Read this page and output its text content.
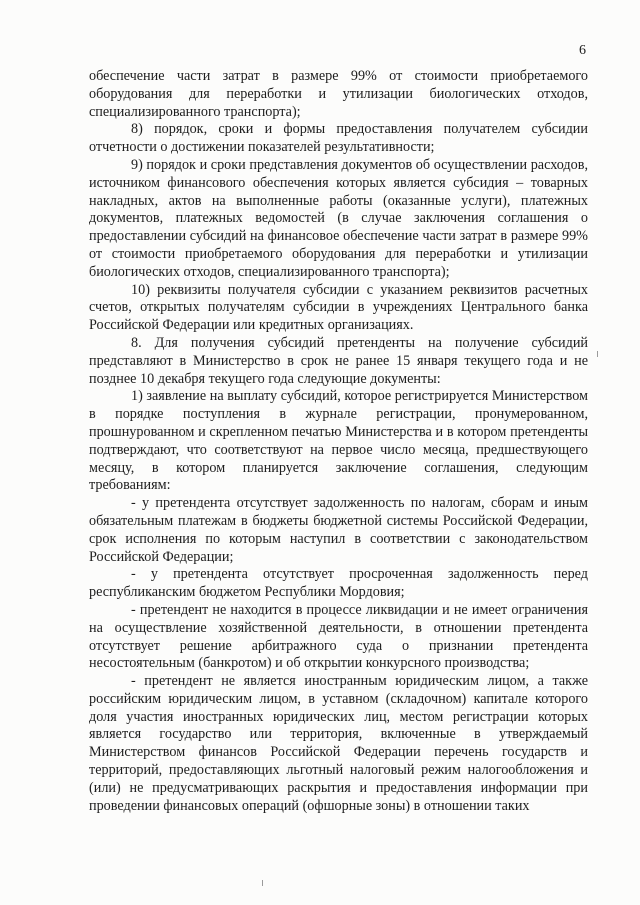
6

обеспечение части затрат в размере 99% от стоимости приобретаемого оборудования для переработки и утилизации биологических отходов, специализированного транспорта);

8) порядок, сроки и формы предоставления получателем субсидии отчетности о достижении показателей результативности;

9) порядок и сроки представления документов об осуществлении расходов, источником финансового обеспечения которых является субсидия – товарных накладных, актов на выполненные работы (оказанные услуги), платежных документов, платежных ведомостей (в случае заключения соглашения о предоставлении субсидий на финансовое обеспечение части затрат в размере 99% от стоимости приобретаемого оборудования для переработки и утилизации биологических отходов, специализированного транспорта);

10) реквизиты получателя субсидии с указанием реквизитов расчетных счетов, открытых получателям субсидии в учреждениях Центрального банка Российской Федерации или кредитных организациях.

8. Для получения субсидий претенденты на получение субсидий представляют в Министерство в срок не ранее 15 января текущего года и не позднее 10 декабря текущего года следующие документы:

1) заявление на выплату субсидий, которое регистрируется Министерством в порядке поступления в журнале регистрации, пронумерованном, прошнурованном и скрепленном печатью Министерства и в котором претенденты подтверждают, что соответствуют на первое число месяца, предшествующего месяцу, в котором планируется заключение соглашения, следующим требованиям:

- у претендента отсутствует задолженность по налогам, сборам и иным обязательным платежам в бюджеты бюджетной системы Российской Федерации, срок исполнения по которым наступил в соответствии с законодательством Российской Федерации;

- у претендента отсутствует просроченная задолженность перед республиканским бюджетом Республики Мордовия;

- претендент не находится в процессе ликвидации и не имеет ограничения на осуществление хозяйственной деятельности, в отношении претендента отсутствует решение арбитражного суда о признании претендента несостоятельным (банкротом) и об открытии конкурсного производства;

- претендент не является иностранным юридическим лицом, а также российским юридическим лицом, в уставном (складочном) капитале которого доля участия иностранных юридических лиц, местом регистрации которых является государство или территория, включенные в утверждаемый Министерством финансов Российской Федерации перечень государств и территорий, предоставляющих льготный налоговый режим налогообложения и (или) не предусматривающих раскрытия и предоставления информации при проведении финансовых операций (офшорные зоны) в отношении таких
